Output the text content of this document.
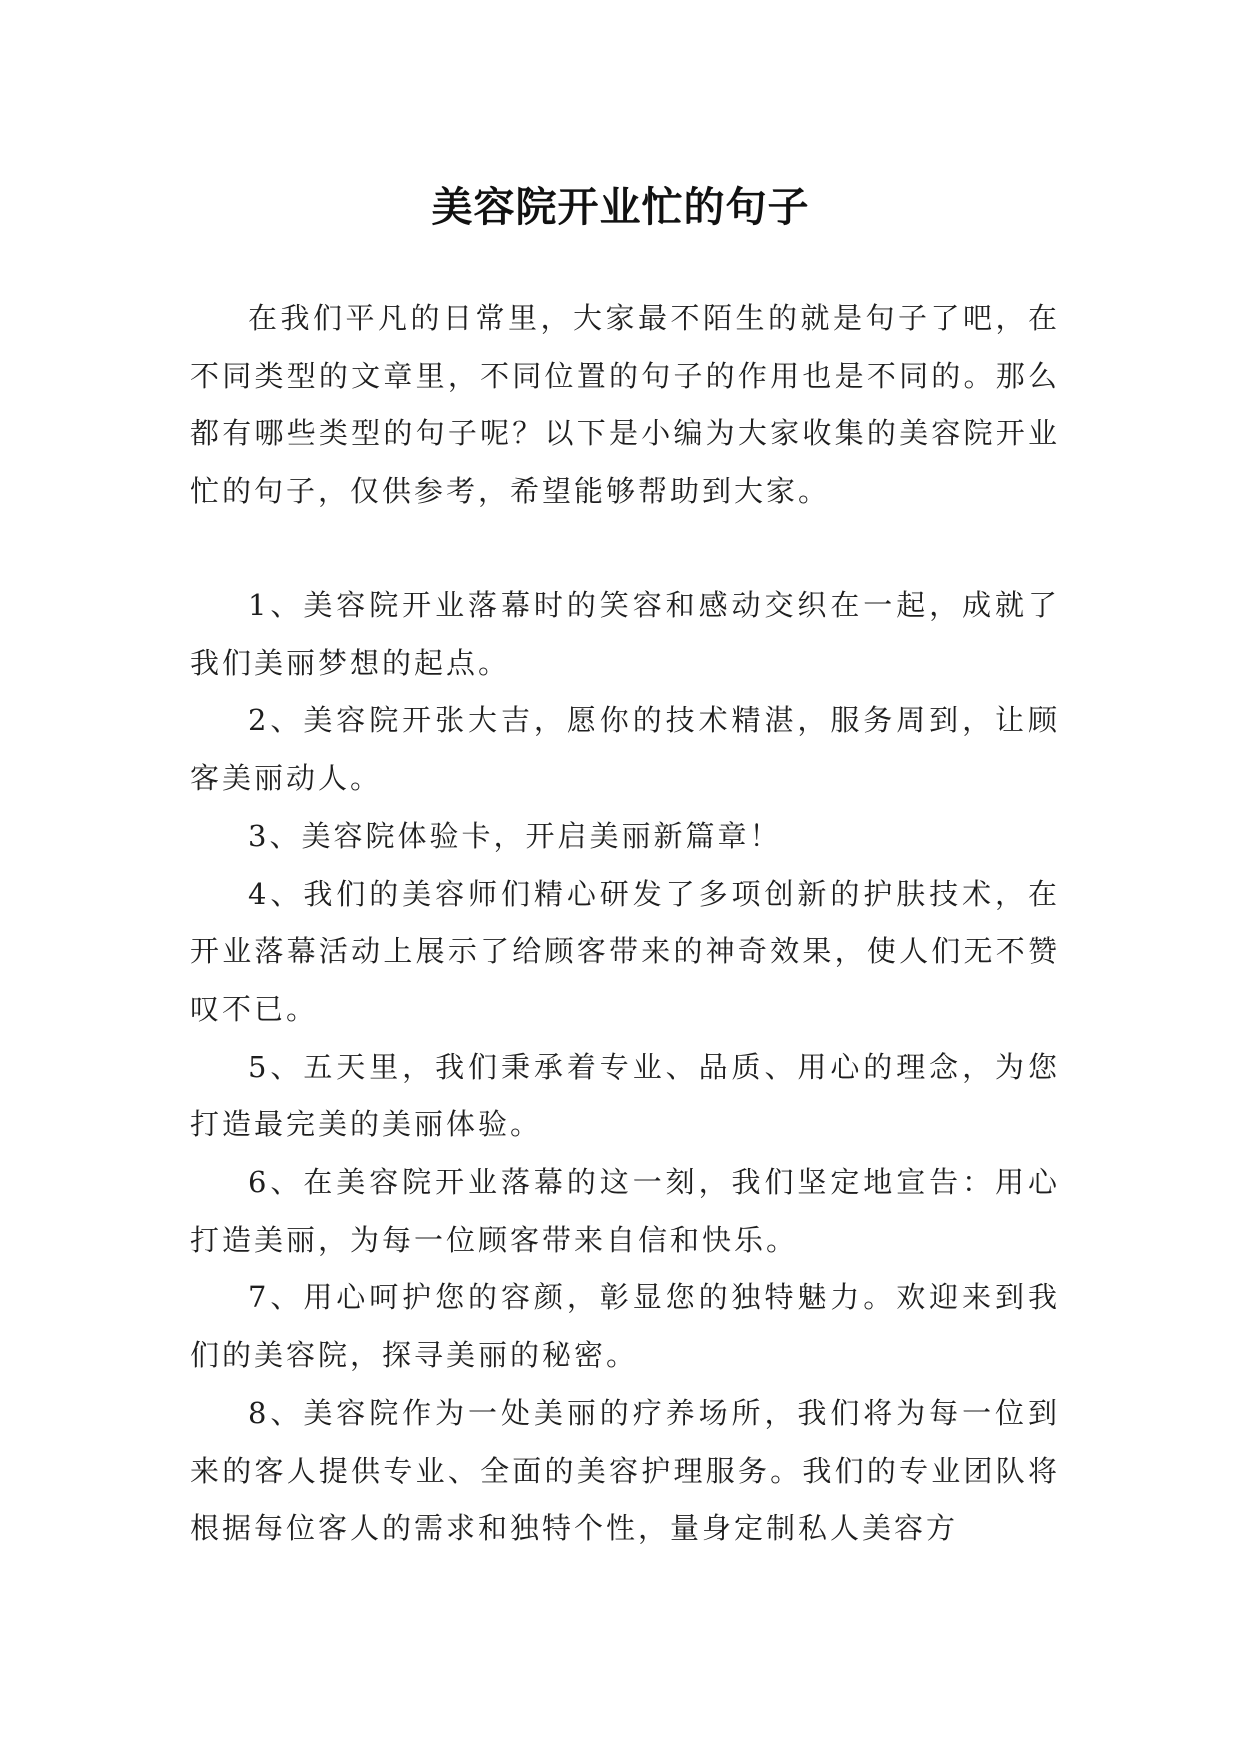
美容院开业忙的句子

在我们平凡的日常里，大家最不陌生的就是句子了吧，在不同类型的文章里，不同位置的句子的作用也是不同的。那么都有哪些类型的句子呢？以下是小编为大家收集的美容院开业忙的句子，仅供参考，希望能够帮助到大家。

1、美容院开业落幕时的笑容和感动交织在一起，成就了我们美丽梦想的起点。

2、美容院开张大吉，愿你的技术精湛，服务周到，让顾客美丽动人。

3、美容院体验卡，开启美丽新篇章！

4、我们的美容师们精心研发了多项创新的护肤技术，在开业落幕活动上展示了给顾客带来的神奇效果，使人们无不赞叹不已。

5、五天里，我们秉承着专业、品质、用心的理念，为您打造最完美的美丽体验。

6、在美容院开业落幕的这一刻，我们坚定地宣告：用心打造美丽，为每一位顾客带来自信和快乐。

7、用心呵护您的容颜，彰显您的独特魅力。欢迎来到我们的美容院，探寻美丽的秘密。

8、美容院作为一处美丽的疗养场所，我们将为每一位到来的客人提供专业、全面的美容护理服务。我们的专业团队将根据每位客人的需求和独特个性，量身定制私人美容方
